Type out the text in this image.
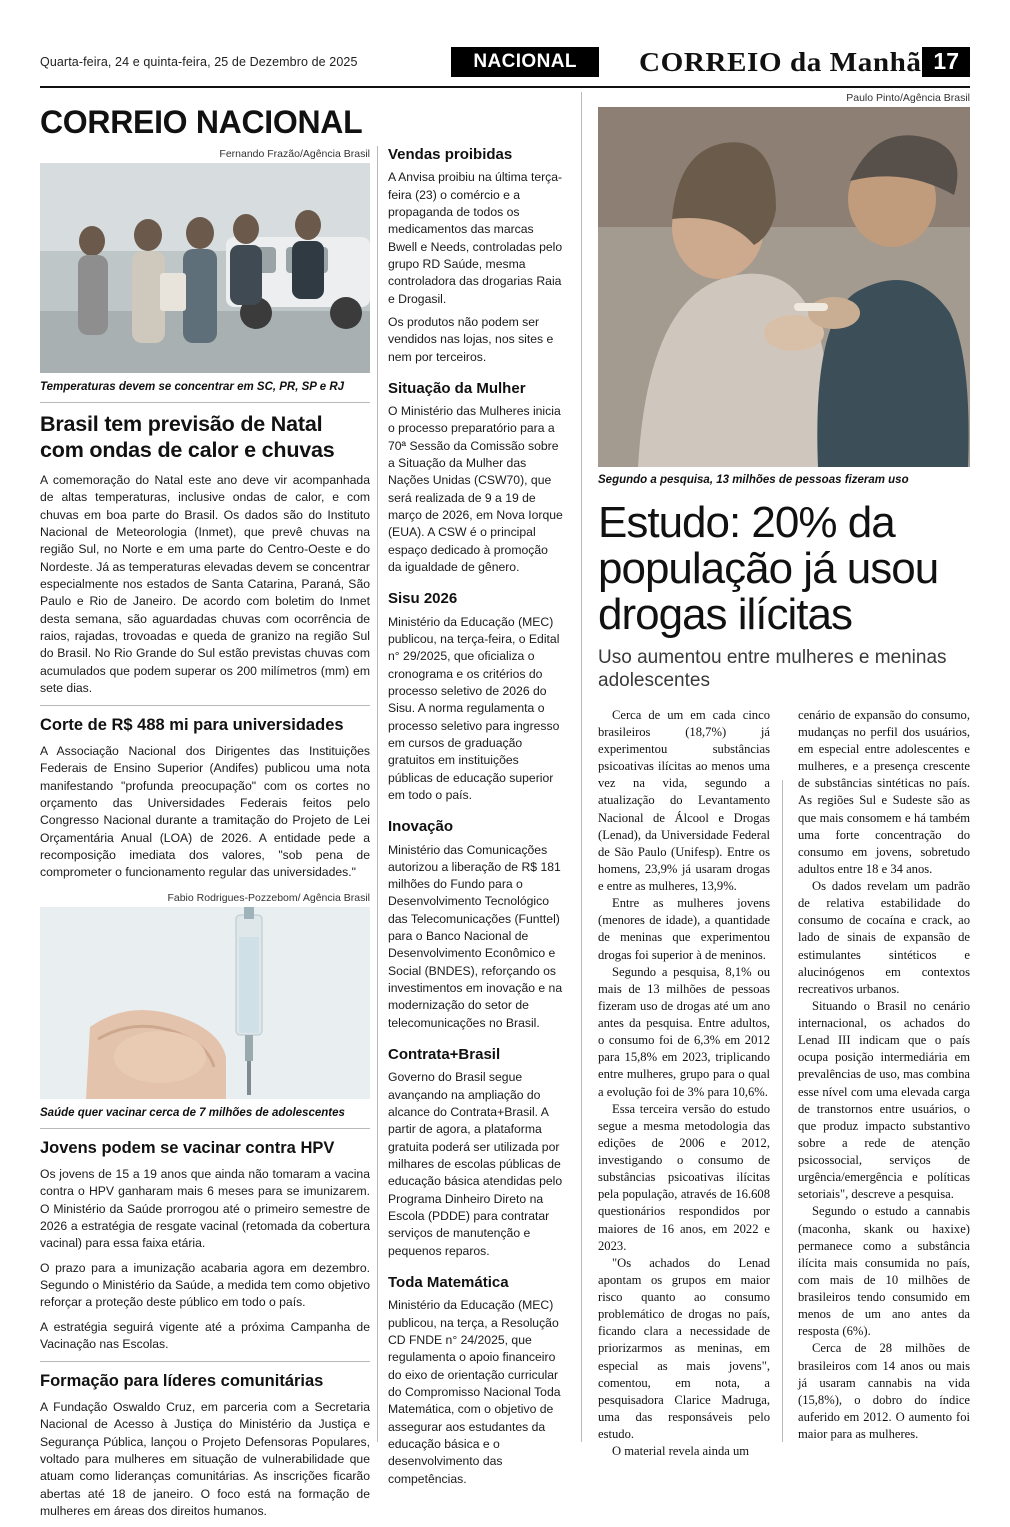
Quarta-feira, 24 e quinta-feira, 25 de Dezembro de 2025	NACIONAL	CORREIO da Manhã 17
CORREIO NACIONAL
Fernando Frazão/Agência Brasil
Temperaturas devem se concentrar em SC, PR, SP e RJ
Brasil tem previsão de Natal com ondas de calor e chuvas

A comemoração do Natal este ano deve vir acompanhada de altas temperaturas, inclusive ondas de calor, e com chuvas em boa parte do Brasil. Os dados são do Instituto Nacional de Meteorologia (Inmet), que prevê chuvas na região Sul, no Norte e em uma parte do Centro-Oeste e do Nordeste. Já as temperaturas elevadas devem se concentrar especialmente nos estados de Santa Catarina, Paraná, São Paulo e Rio de Janeiro. De acordo com boletim do Inmet desta semana, são aguardadas chuvas com ocorrência de raios, rajadas, trovoadas e queda de granizo na região Sul do Brasil. No Rio Grande do Sul estão previstas chuvas com acumulados que podem superar os 200 milímetros (mm) em sete dias.

Corte de R$ 488 mi para universidades

A Associação Nacional dos Dirigentes das Instituições Federais de Ensino Superior (Andifes) publicou uma nota manifestando "profunda preocupação" com os cortes no orçamento das Universidades Federais feitos pelo Congresso Nacional durante a tramitação do Projeto de Lei Orçamentária Anual (LOA) de 2026. A entidade pede a recomposição imediata dos valores, "sob pena de comprometer o funcionamento regular das universidades."

Fabio Rodrigues-Pozzebom/ Agência Brasil
Saúde quer vacinar cerca de 7 milhões de adolescentes
Jovens podem se vacinar contra HPV

Os jovens de 15 a 19 anos que ainda não tomaram a vacina contra o HPV ganharam mais 6 meses para se imunizarem. O Ministério da Saúde prorrogou até o primeiro semestre de 2026 a estratégia de resgate vacinal (retomada da cobertura vacinal) para essa faixa etária.

O prazo para a imunização acabaria agora em dezembro. Segundo o Ministério da Saúde, a medida tem como objetivo reforçar a proteção deste público em todo o país.

A estratégia seguirá vigente até a próxima Campanha de Vacinação nas Escolas.

Formação para líderes comunitárias

A Fundação Oswaldo Cruz, em parceria com a Secretaria Nacional de Acesso à Justiça do Ministério da Justiça e Segurança Pública, lançou o Projeto Defensoras Populares, voltado para mulheres em situação de vulnerabilidade que atuam como lideranças comunitárias. As inscrições ficarão abertas até 18 de janeiro. O foco está na formação de mulheres em áreas dos direitos humanos.

Vendas proibidas

A Anvisa proibiu na última terça-feira (23) o comércio e a propaganda de todos os medicamentos das marcas Bwell e Needs, controladas pelo grupo RD Saúde, mesma controladora das drogarias Raia e Drogasil.

Os produtos não podem ser vendidos nas lojas, nos sites e nem por terceiros.

Situação da Mulher

O Ministério das Mulheres inicia o processo preparatório para a 70ª Sessão da Comissão sobre a Situação da Mulher das Nações Unidas (CSW70), que será realizada de 9 a 19 de março de 2026, em Nova Iorque (EUA). A CSW é o principal espaço dedicado à promoção da igualdade de gênero.

Sisu 2026

Ministério da Educação (MEC) publicou, na terça-feira, o Edital n° 29/2025, que oficializa o cronograma e os critérios do processo seletivo de 2026 do Sisu. A norma regulamenta o processo seletivo para ingresso em cursos de graduação gratuitos em instituições públicas de educação superior em todo o país.

Inovação

Ministério das Comunicações autorizou a liberação de R$ 181 milhões do Fundo para o Desenvolvimento Tecnológico das Telecomunicações (Funttel) para o Banco Nacional de Desenvolvimento Econômico e Social (BNDES), reforçando os investimentos em inovação e na modernização do setor de telecomunicações no Brasil.

Contrata+Brasil

Governo do Brasil segue avançando na ampliação do alcance do Contrata+Brasil. A partir de agora, a plataforma gratuita poderá ser utilizada por milhares de escolas públicas de educação básica atendidas pelo Programa Dinheiro Direto na Escola (PDDE) para contratar serviços de manutenção e pequenos reparos.

Toda Matemática

Ministério da Educação (MEC) publicou, na terça, a Resolução CD FNDE n° 24/2025, que regulamenta o apoio financeiro do eixo de orientação curricular do Compromisso Nacional Toda Matemática, com o objetivo de assegurar aos estudantes da educação básica e o desenvolvimento das competências.

Paulo Pinto/Agência Brasil
Segundo a pesquisa, 13 milhões de pessoas fizeram uso
Estudo: 20% da população já usou drogas ilícitas
Uso aumentou entre mulheres e meninas adolescentes

Cerca de um em cada cinco brasileiros (18,7%) já experimentou substâncias psicoativas ilícitas ao menos uma vez na vida, segundo a atualização do Levantamento Nacional de Álcool e Drogas (Lenad), da Universidade Federal de São Paulo (Unifesp). Entre os homens, 23,9% já usaram drogas e entre as mulheres, 13,9%.

Entre as mulheres jovens (menores de idade), a quantidade de meninas que experimentou drogas foi superior à de meninos.

Segundo a pesquisa, 8,1% ou mais de 13 milhões de pessoas fizeram uso de drogas até um ano antes da pesquisa. Entre adultos, o consumo foi de 6,3% em 2012 para 15,8% em 2023, triplicando entre mulheres, grupo para o qual a evolução foi de 3% para 10,6%.

Essa terceira versão do estudo segue a mesma metodologia das edições de 2006 e 2012, investigando o consumo de substâncias psicoativas ilícitas pela população, através de 16.608 questionários respondidos por maiores de 16 anos, em 2022 e 2023.

"Os achados do Lenad apontam os grupos em maior risco quanto ao consumo problemático de drogas no país, ficando clara a necessidade de priorizarmos as meninas, em especial as mais jovens", comentou, em nota, a pesquisadora Clarice Madruga, uma das responsáveis pelo estudo.

O material revela ainda um

cenário de expansão do consumo, mudanças no perfil dos usuários, em especial entre adolescentes e mulheres, e a presença crescente de substâncias sintéticas no país. As regiões Sul e Sudeste são as que mais consomem e há também uma forte concentração do consumo em jovens, sobretudo adultos entre 18 e 34 anos.

Os dados revelam um padrão de relativa estabilidade do consumo de cocaína e crack, ao lado de sinais de expansão de estimulantes sintéticos e alucinógenos em contextos recreativos urbanos.

Situando o Brasil no cenário internacional, os achados do Lenad III indicam que o país ocupa posição intermediária em prevalências de uso, mas combina esse nível com uma elevada carga de transtornos entre usuários, o que produz impacto substantivo sobre a rede de atenção psicossocial, serviços de urgência/emergência e políticas setoriais", descreve a pesquisa.

Segundo o estudo a cannabis (maconha, skank ou haxixe) permanece como a substância ilícita mais consumida no país, com mais de 10 milhões de brasileiros tendo consumido em menos de um ano antes da resposta (6%).

Cerca de 28 milhões de brasileiros com 14 anos ou mais já usaram cannabis na vida (15,8%), o dobro do índice auferido em 2012. O aumento foi maior para as mulheres.
